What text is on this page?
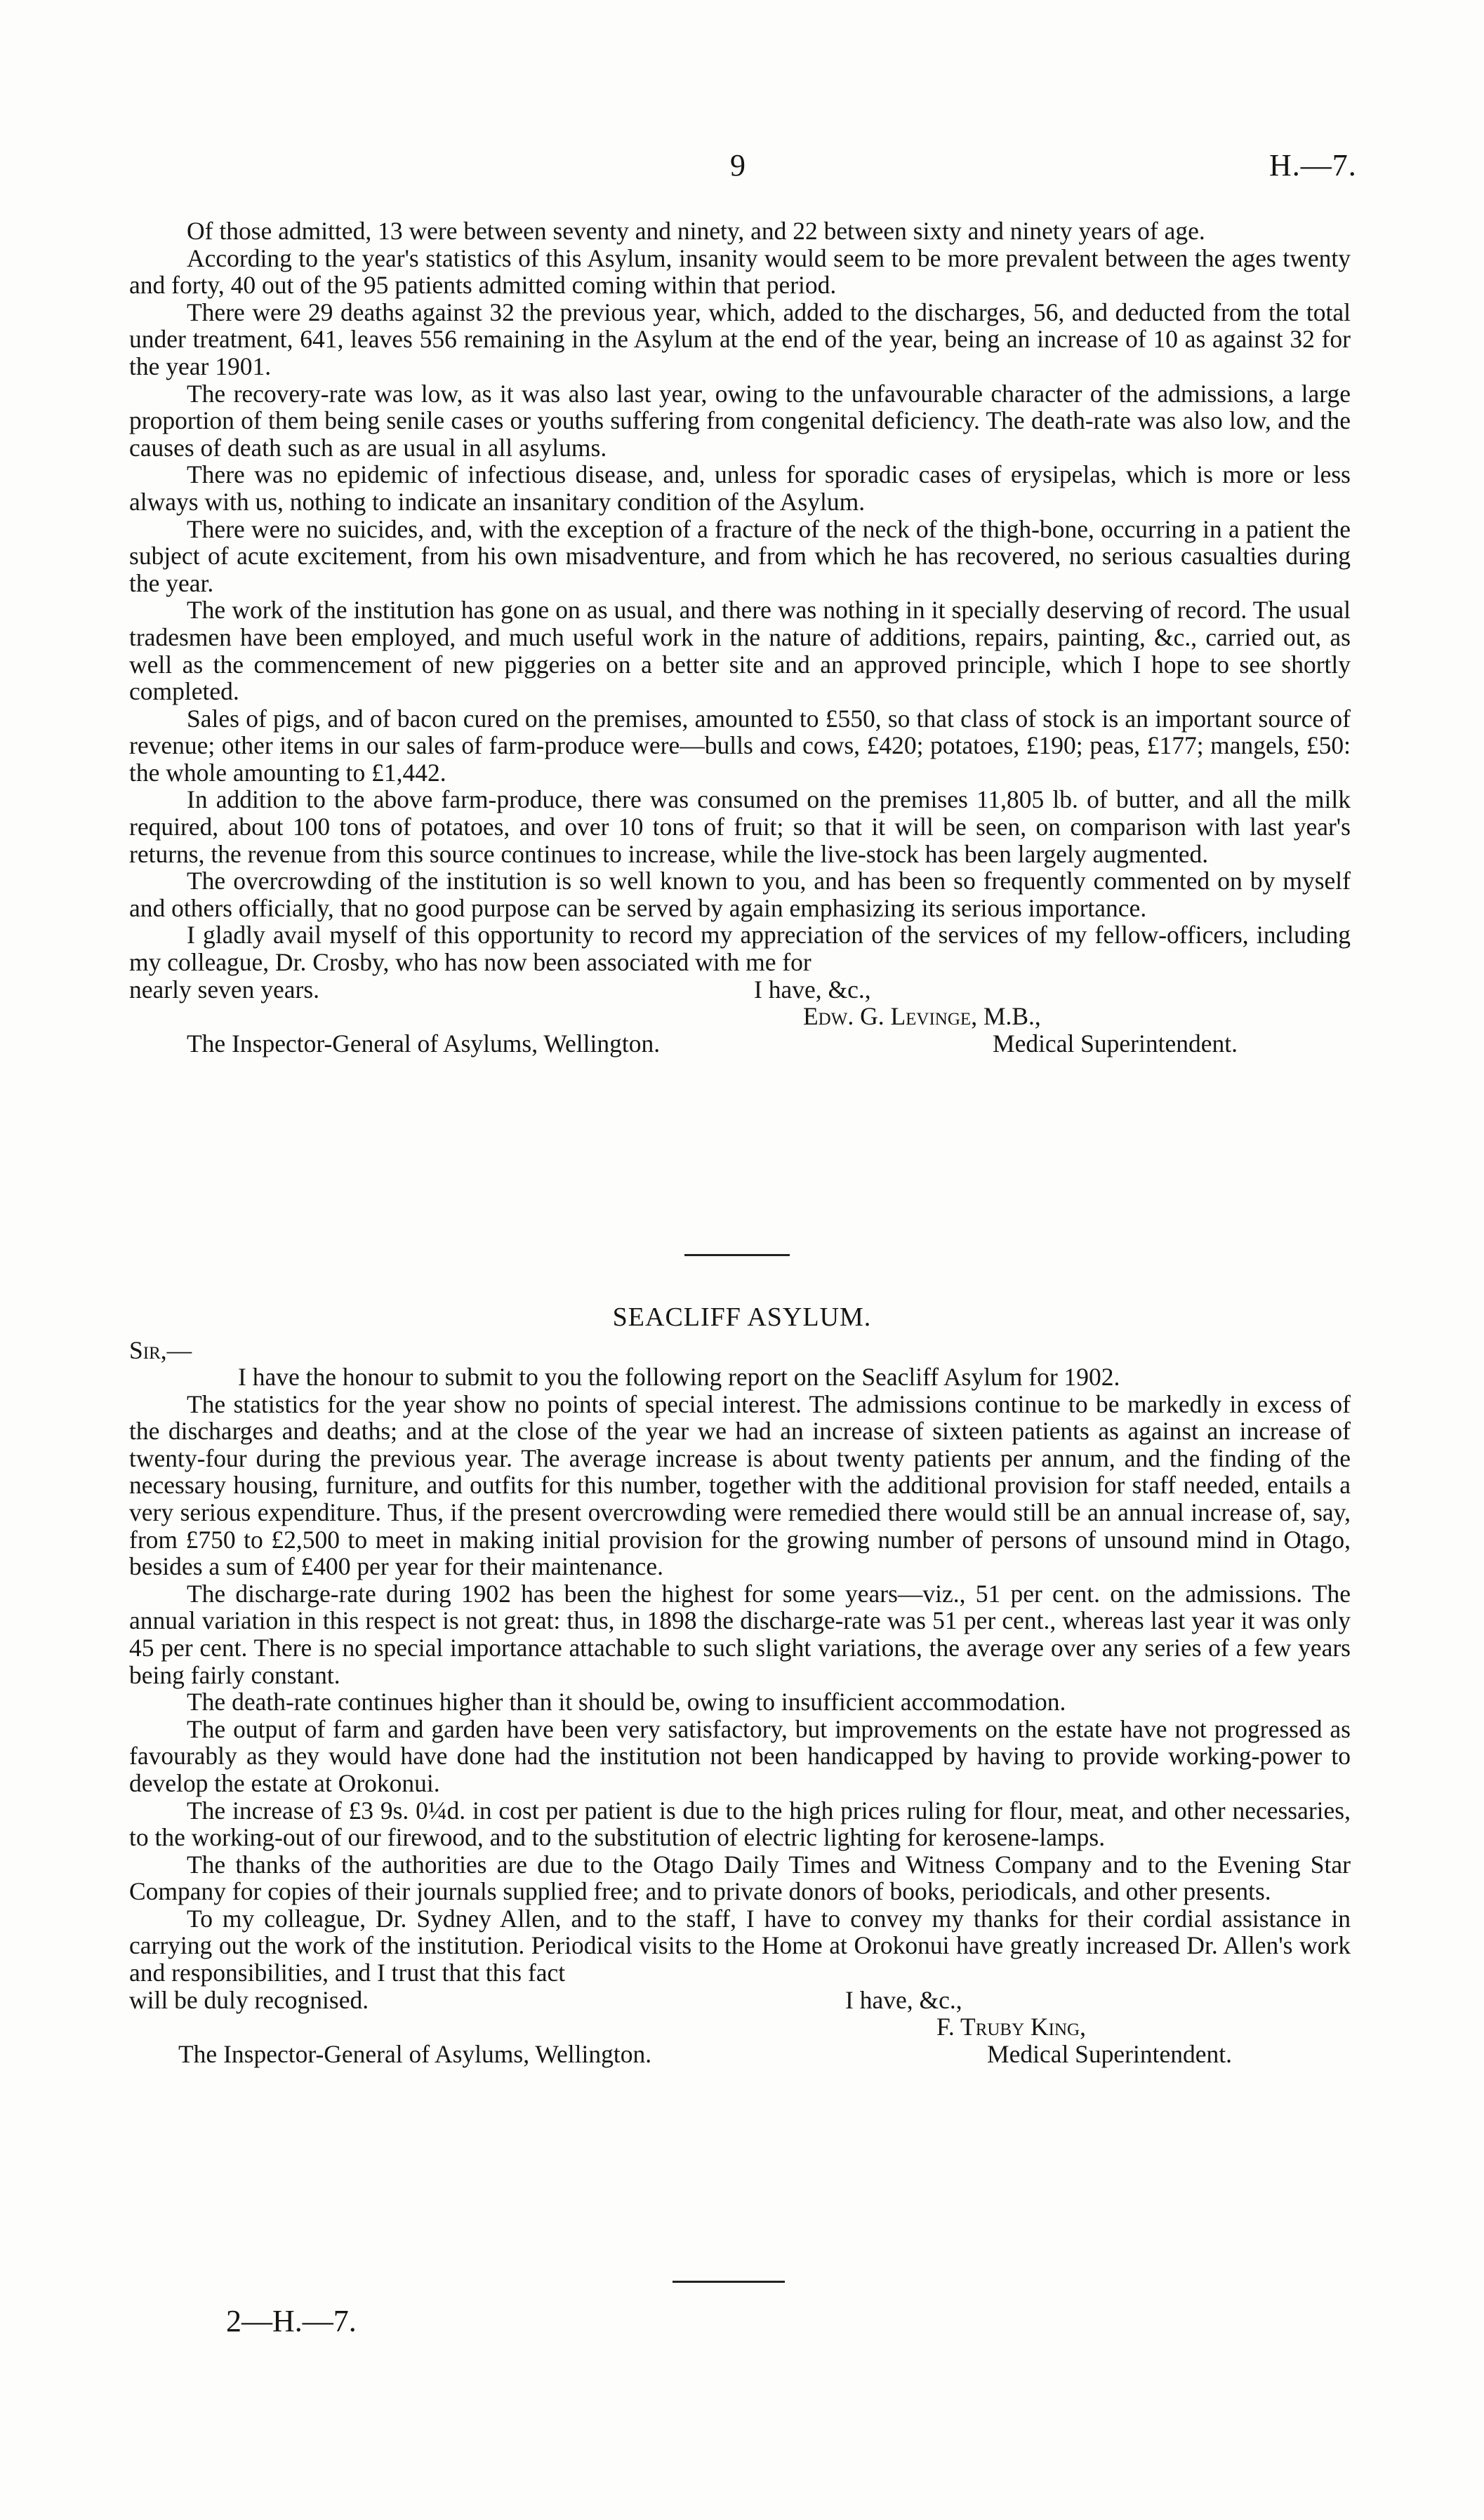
9	H.—7.

Of those admitted, 13 were between seventy and ninety, and 22 between sixty and ninety years of age.

According to the year's statistics of this Asylum, insanity would seem to be more prevalent between the ages twenty and forty, 40 out of the 95 patients admitted coming within that period.

There were 29 deaths against 32 the previous year, which, added to the discharges, 56, and deducted from the total under treatment, 641, leaves 556 remaining in the Asylum at the end of the year, being an increase of 10 as against 32 for the year 1901.

The recovery-rate was low, as it was also last year, owing to the unfavourable character of the admissions, a large proportion of them being senile cases or youths suffering from congenital deficiency. The death-rate was also low, and the causes of death such as are usual in all asylums.

There was no epidemic of infectious disease, and, unless for sporadic cases of erysipelas, which is more or less always with us, nothing to indicate an insanitary condition of the Asylum.

There were no suicides, and, with the exception of a fracture of the neck of the thigh-bone, occurring in a patient the subject of acute excitement, from his own misadventure, and from which he has recovered, no serious casualties during the year.

The work of the institution has gone on as usual, and there was nothing in it specially deserving of record. The usual tradesmen have been employed, and much useful work in the nature of additions, repairs, painting, &c., carried out, as well as the commencement of new piggeries on a better site and an approved principle, which I hope to see shortly completed.

Sales of pigs, and of bacon cured on the premises, amounted to £550, so that class of stock is an important source of revenue; other items in our sales of farm-produce were—bulls and cows, £420; potatoes, £190; peas, £177; mangels, £50: the whole amounting to £1,442.

In addition to the above farm-produce, there was consumed on the premises 11,805 lb. of butter, and all the milk required, about 100 tons of potatoes, and over 10 tons of fruit; so that it will be seen, on comparison with last year's returns, the revenue from this source continues to increase, while the live-stock has been largely augmented.

The overcrowding of the institution is so well known to you, and has been so frequently commented on by myself and others officially, that no good purpose can be served by again emphasizing its serious importance.

I gladly avail myself of this opportunity to record my appreciation of the services of my fellow-officers, including my colleague, Dr. Crosby, who has now been associated with me for

nearly seven years.	I have, &c.,
Edw. G. Levinge, M.B.,
The Inspector-General of Asylums, Wellington.	Medical Superintendent.
SEACLIFF ASYLUM.
Sir,—

I have the honour to submit to you the following report on the Seacliff Asylum for 1902.

The statistics for the year show no points of special interest. The admissions continue to be markedly in excess of the discharges and deaths; and at the close of the year we had an increase of sixteen patients as against an increase of twenty-four during the previous year. The average increase is about twenty patients per annum, and the finding of the necessary housing, furniture, and outfits for this number, together with the additional provision for staff needed, entails a very serious expenditure. Thus, if the present overcrowding were remedied there would still be an annual increase of, say, from £750 to £2,500 to meet in making initial provision for the growing number of persons of unsound mind in Otago, besides a sum of £400 per year for their maintenance.

The discharge-rate during 1902 has been the highest for some years—viz., 51 per cent. on the admissions. The annual variation in this respect is not great: thus, in 1898 the discharge-rate was 51 per cent., whereas last year it was only 45 per cent. There is no special importance attachable to such slight variations, the average over any series of a few years being fairly constant.

The death-rate continues higher than it should be, owing to insufficient accommodation.

The output of farm and garden have been very satisfactory, but improvements on the estate have not progressed as favourably as they would have done had the institution not been handicapped by having to provide working-power to develop the estate at Orokonui.

The increase of £3 9s. 0¼d. in cost per patient is due to the high prices ruling for flour, meat, and other necessaries, to the working-out of our firewood, and to the substitution of electric lighting for kerosene-lamps.

The thanks of the authorities are due to the Otago Daily Times and Witness Company and to the Evening Star Company for copies of their journals supplied free; and to private donors of books, periodicals, and other presents.

To my colleague, Dr. Sydney Allen, and to the staff, I have to convey my thanks for their cordial assistance in carrying out the work of the institution. Periodical visits to the Home at Orokonui have greatly increased Dr. Allen's work and responsibilities, and I trust that this fact

will be duly recognised.	I have, &c.,
F. Truby King,
The Inspector-General of Asylums, Wellington.	Medical Superintendent.
2—H.—7.
